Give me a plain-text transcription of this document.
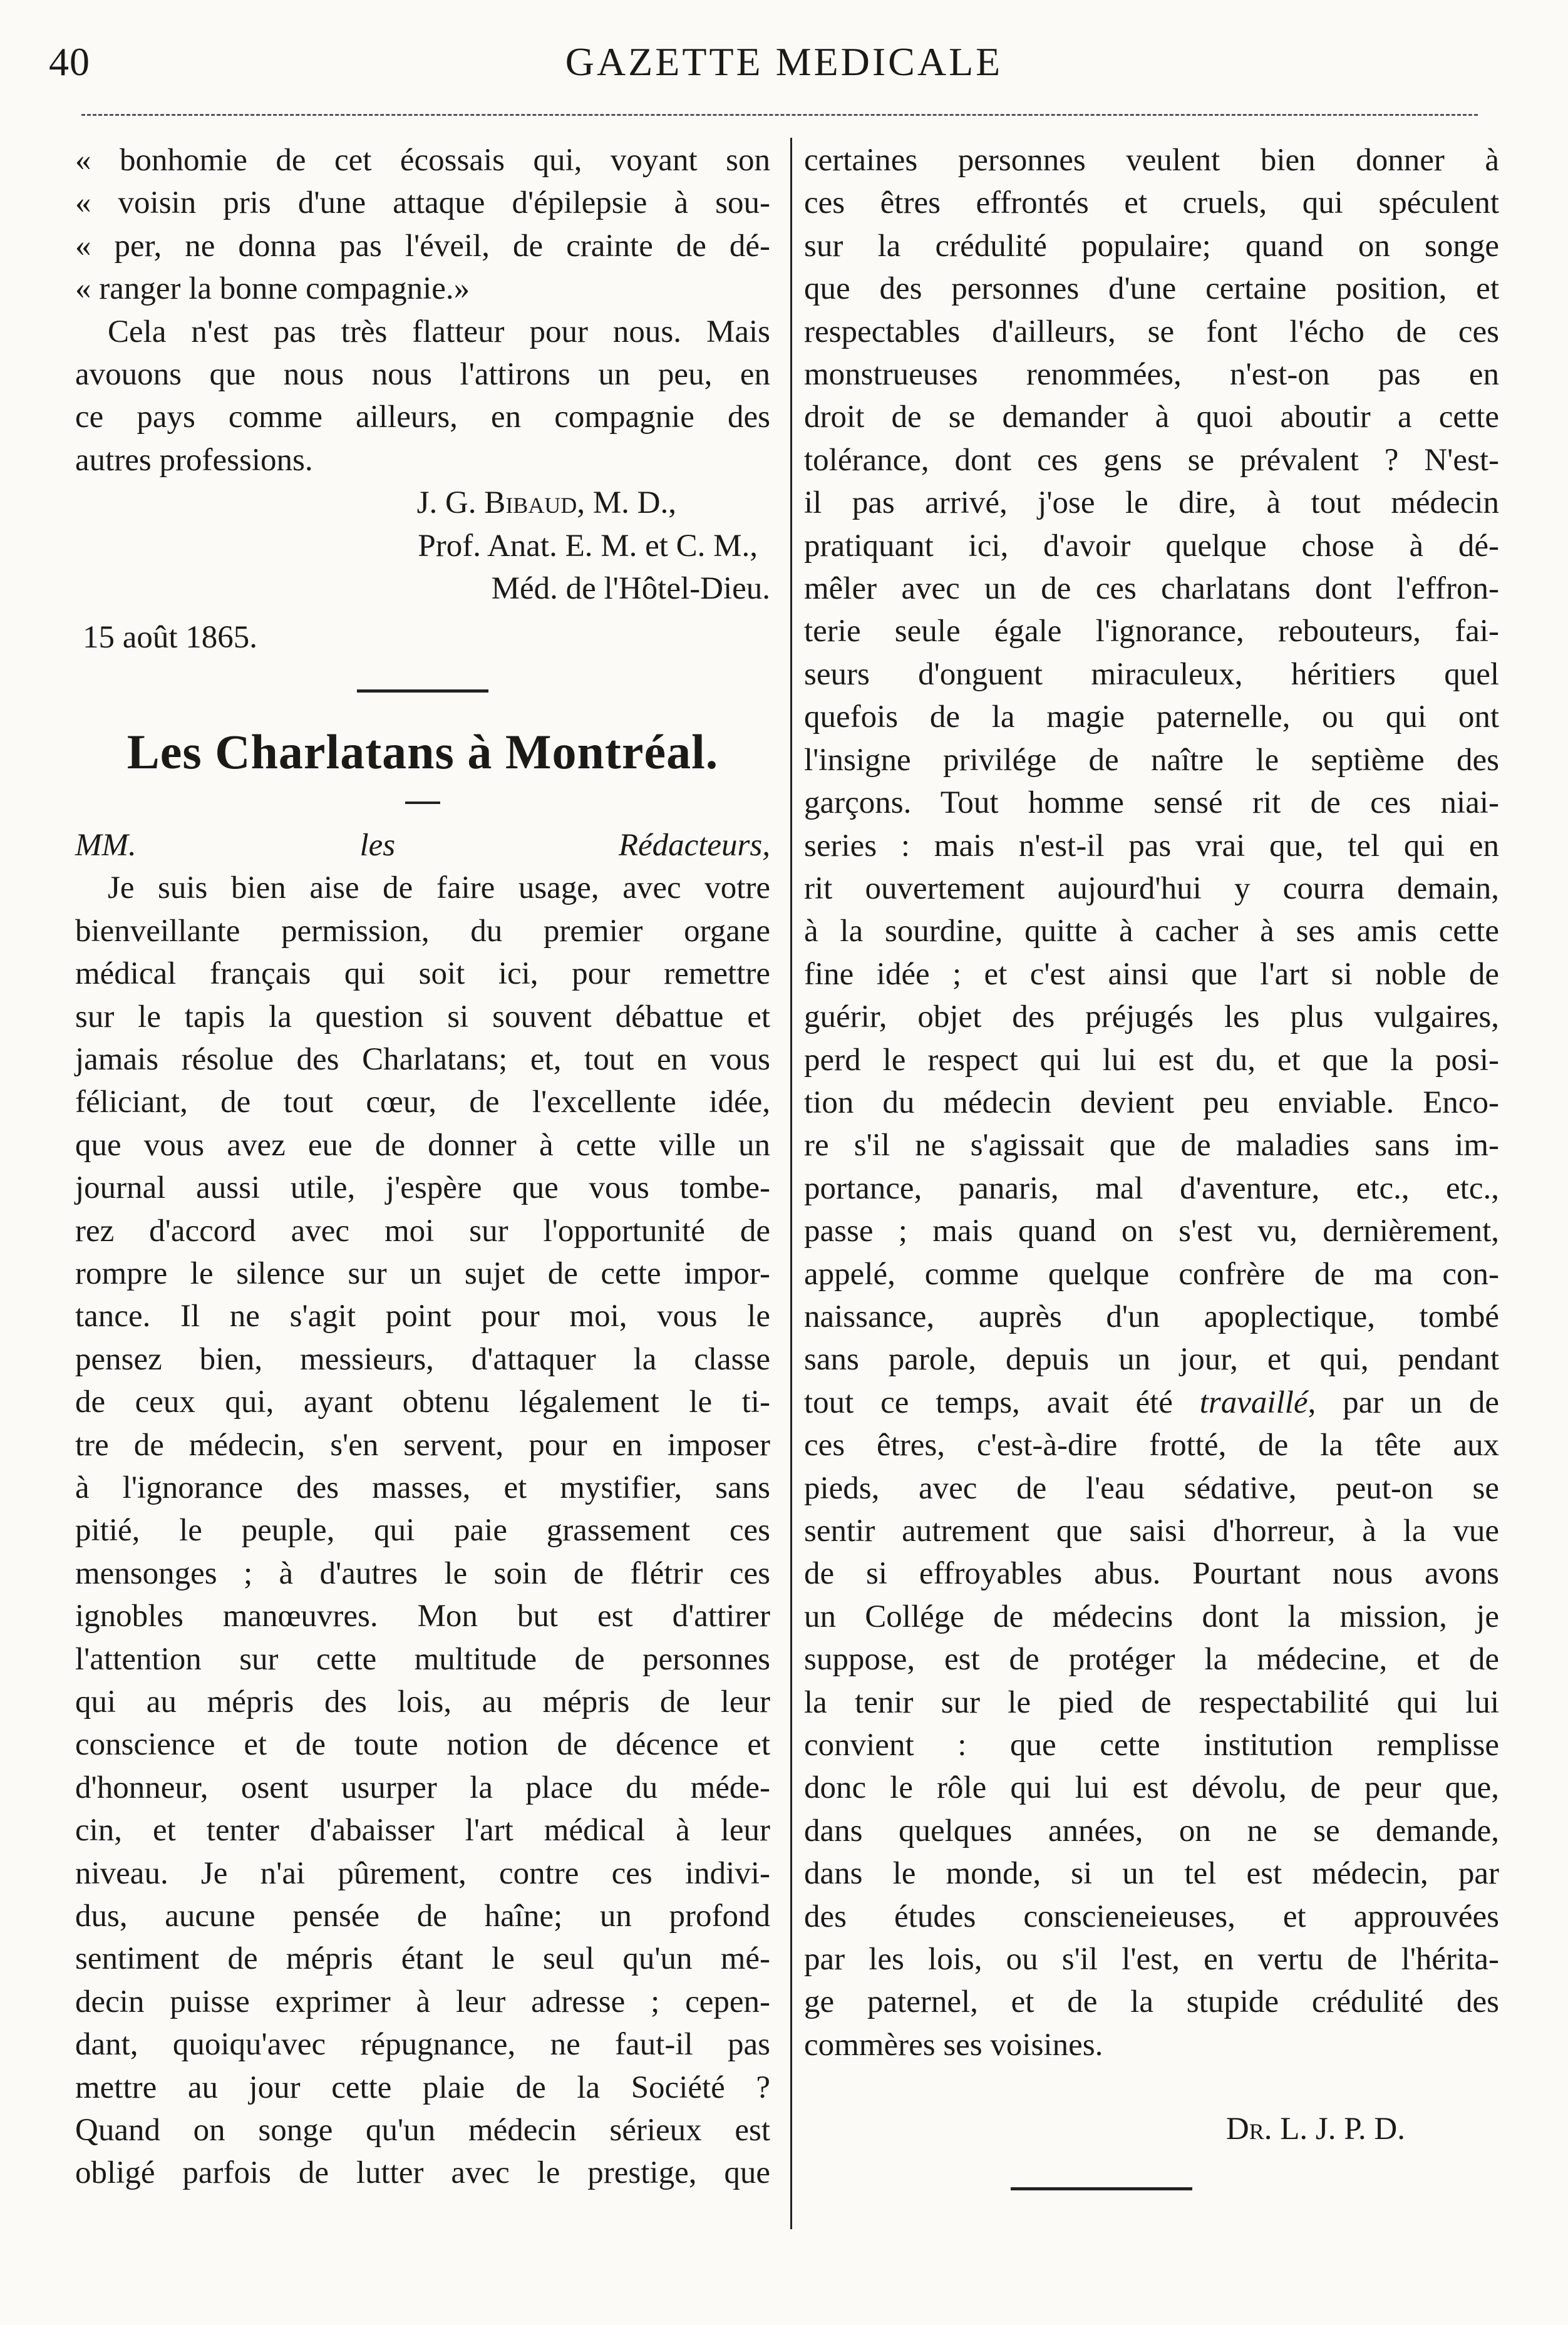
40	GAZETTE MEDICALE

« bonhomie de cet écossais qui, voyant son

« voisin pris d'une attaque d'épilepsie à sou-

« per, ne donna pas l'éveil, de crainte de dé-

« ranger la bonne compagnie.»

Cela n'est pas très flatteur pour nous. Mais

avouons que nous nous l'attirons un peu, en

ce pays comme ailleurs, en compagnie des

autres professions.

J. G. Bibaud, M. D.,

Prof. Anat. E. M. et C. M.,

Méd. de l'Hôtel-Dieu.

15 août 1865.

Les Charlatans à Montréal.

MM. les Rédacteurs,

Je suis bien aise de faire usage, avec votre

bienveillante permission, du premier organe

médical français qui soit ici, pour remettre

sur le tapis la question si souvent débattue et

jamais résolue des Charlatans; et, tout en vous

féliciant, de tout cœur, de l'excellente idée,

que vous avez eue de donner à cette ville un

journal aussi utile, j'espère que vous tombe-

rez d'accord avec moi sur l'opportunité de

rompre le silence sur un sujet de cette impor-

tance. Il ne s'agit point pour moi, vous le

pensez bien, messieurs, d'attaquer la classe

de ceux qui, ayant obtenu légalement le ti-

tre de médecin, s'en servent, pour en imposer

à l'ignorance des masses, et mystifier, sans

pitié, le peuple, qui paie grassement ces

mensonges ; à d'autres le soin de flétrir ces

ignobles manœuvres. Mon but est d'attirer

l'attention sur cette multitude de personnes

qui au mépris des lois, au mépris de leur

conscience et de toute notion de décence et

d'honneur, osent usurper la place du méde-

cin, et tenter d'abaisser l'art médical à leur

niveau. Je n'ai pûrement, contre ces indivi-

dus, aucune pensée de haîne; un profond

sentiment de mépris étant le seul qu'un mé-

decin puisse exprimer à leur adresse ; cepen-

dant, quoiqu'avec répugnance, ne faut-il pas

mettre au jour cette plaie de la Société ?

Quand on songe qu'un médecin sérieux est

obligé parfois de lutter avec le prestige, que

certaines personnes veulent bien donner à

ces êtres effrontés et cruels, qui spéculent

sur la crédulité populaire; quand on songe

que des personnes d'une certaine position, et

respectables d'ailleurs, se font l'écho de ces

monstrueuses renommées, n'est-on pas en

droit de se demander à quoi aboutir a cette

tolérance, dont ces gens se prévalent ? N'est-

il pas arrivé, j'ose le dire, à tout médecin

pratiquant ici, d'avoir quelque chose à dé-

mêler avec un de ces charlatans dont l'effron-

terie seule égale l'ignorance, rebouteurs, fai-

seurs d'onguent miraculeux, héritiers quel

quefois de la magie paternelle, ou qui ont

l'insigne privilége de naître le septième des

garçons. Tout homme sensé rit de ces niai-

series : mais n'est-il pas vrai que, tel qui en

rit ouvertement aujourd'hui y courra demain,

à la sourdine, quitte à cacher à ses amis cette

fine idée ; et c'est ainsi que l'art si noble de

guérir, objet des préjugés les plus vulgaires,

perd le respect qui lui est du, et que la posi-

tion du médecin devient peu enviable. Enco-

re s'il ne s'agissait que de maladies sans im-

portance, panaris, mal d'aventure, etc., etc.,

passe ; mais quand on s'est vu, dernièrement,

appelé, comme quelque confrère de ma con-

naissance, auprès d'un apoplectique, tombé

sans parole, depuis un jour, et qui, pendant

tout ce temps, avait été travaillé, par un de

ces êtres, c'est-à-dire frotté, de la tête aux

pieds, avec de l'eau sédative, peut-on se

sentir autrement que saisi d'horreur, à la vue

de si effroyables abus. Pourtant nous avons

un Collége de médecins dont la mission, je

suppose, est de protéger la médecine, et de

la tenir sur le pied de respectabilité qui lui

convient : que cette institution remplisse

donc le rôle qui lui est dévolu, de peur que,

dans quelques années, on ne se demande,

dans le monde, si un tel est médecin, par

des études conscieneieuses, et approuvées

par les lois, ou s'il l'est, en vertu de l'hérita-

ge paternel, et de la stupide crédulité des

commères ses voisines.

Dr. L. J. P. D.
